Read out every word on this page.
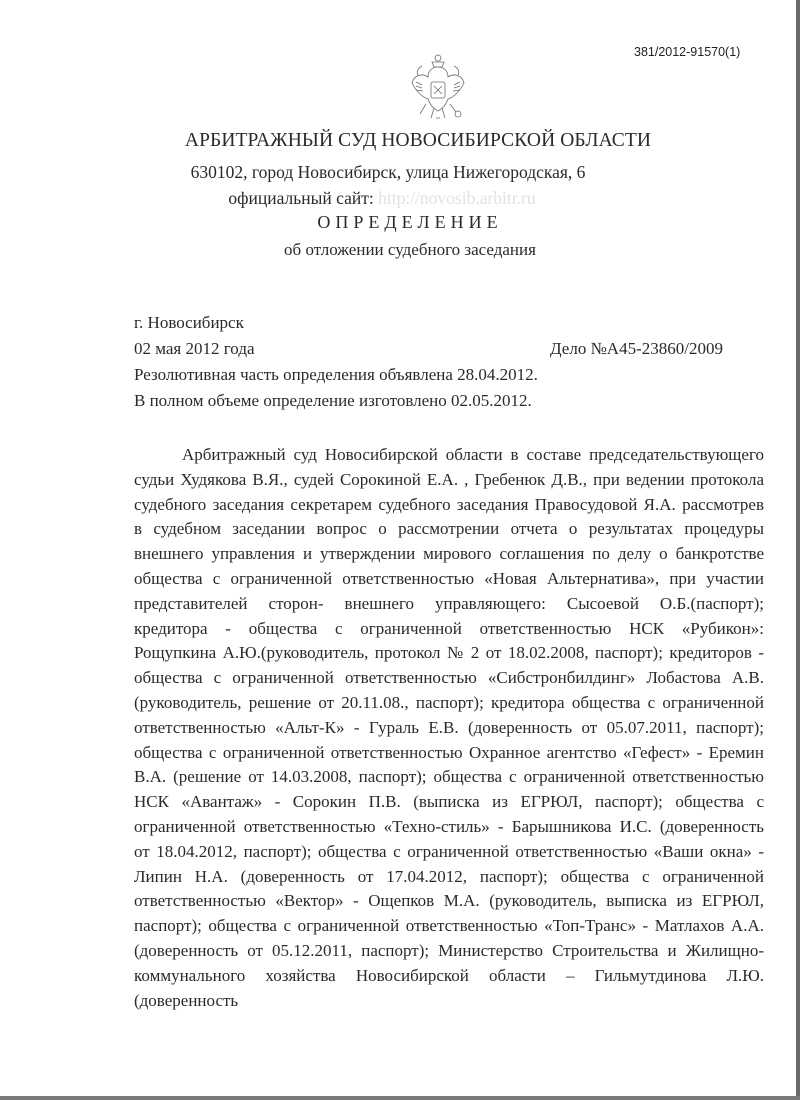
381/2012-91570(1)
АРБИТРАЖНЫЙ СУД НОВОСИБИРСКОЙ ОБЛАСТИ
630102, город Новосибирск, улица Нижегородская, 6
официальный сайт: http://novosib.arbitr.ru
ОПРЕДЕЛЕНИЕ
об отложении судебного заседания
г. Новосибирск
02 мая 2012 года	Дело №А45-23860/2009
Резолютивная часть определения объявлена 28.04.2012.
В полном объеме определение изготовлено 02.05.2012.
Арбитражный суд Новосибирской области в составе председательствующего судьи Худякова В.Я., судей Сорокиной Е.А. , Гребенюк Д.В., при ведении протокола судебного заседания секретарем судебного заседания Правосудовой Я.А. рассмотрев в судебном заседании вопрос о рассмотрении отчета о результатах процедуры внешнего управления и утверждении мирового соглашения по делу о банкротстве общества с ограниченной ответственностью «Новая Альтернатива», при участии представителей сторон- внешнего управляющего: Сысоевой О.Б.(паспорт); кредитора - общества с ограниченной ответственностью НСК «Рубикон»: Рощупкина А.Ю.(руководитель, протокол № 2 от 18.02.2008, паспорт); кредиторов - общества с ограниченной ответственностью «Сибстронбилдинг» Лобастова А.В. (руководитель, решение от 20.11.08., паспорт); кредитора общества с ограниченной ответственностью «Альт-К» - Гураль Е.В. (доверенность от 05.07.2011, паспорт); общества с ограниченной ответственностью Охранное агентство «Гефест» - Еремин В.А. (решение от 14.03.2008, паспорт); общества с ограниченной ответственностью НСК «Авантаж» - Сорокин П.В. (выписка из ЕГРЮЛ, паспорт); общества с ограниченной ответственностью «Техно-стиль» - Барышникова И.С. (доверенность от 18.04.2012, паспорт); общества с ограниченной ответственностью «Ваши окна» - Липин Н.А. (доверенность от 17.04.2012, паспорт); общества с ограниченной ответственностью «Вектор» - Ощепков М.А. (руководитель, выписка из ЕГРЮЛ, паспорт); общества с ограниченной ответственностью «Топ-Транс» - Матлахов А.А. (доверенность от 05.12.2011, паспорт); Министерство Строительства и Жилищно-коммунального хозяйства Новосибирской области – Гильмутдинова Л.Ю. (доверенность
